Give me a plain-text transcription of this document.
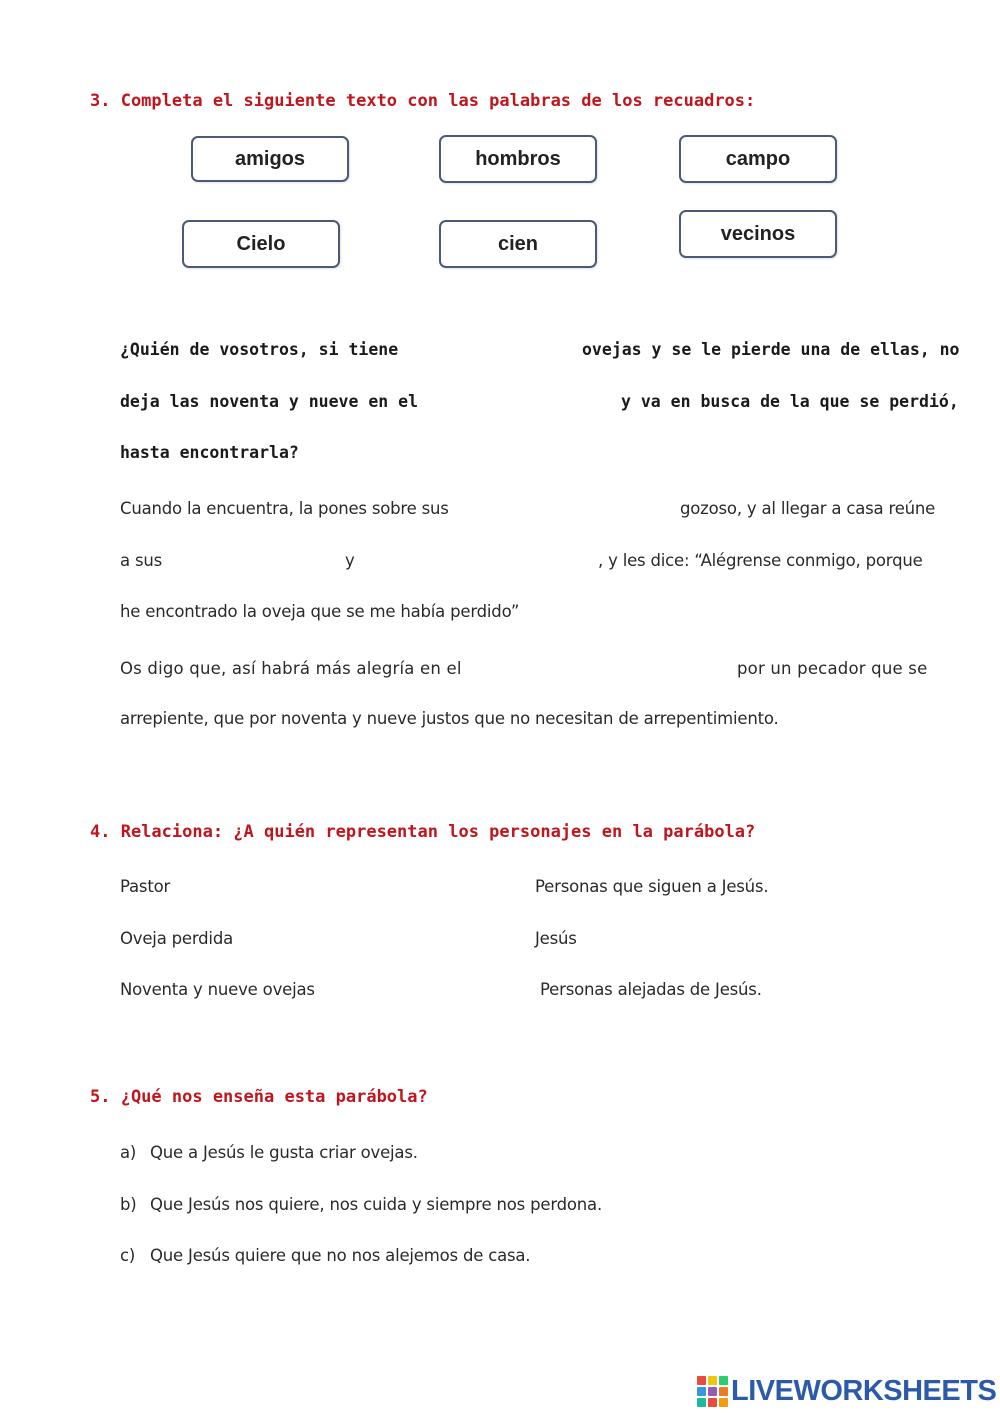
3. Completa el siguiente texto con las palabras de los recuadros:
amigos	hombros	campo
Cielo	cien	vecinos
¿Quién de vosotros, si tiene	ovejas y se le pierde una de ellas, no
deja las noventa y nueve en el	y va en busca de la que se perdió,
hasta encontrarla?
Cuando la encuentra, la pones sobre sus	gozoso, y al llegar a casa reúne
a sus	y	, y les dice: “Alégrense conmigo, porque
he encontrado la oveja que se me había perdido”
Os digo que, así habrá más alegría en el	por un pecador que se
arrepiente, que por noventa y nueve justos que no necesitan de arrepentimiento.
4. Relaciona: ¿A quién representan los personajes en la parábola?
Pastor	Personas que siguen a Jesús.
Oveja perdida	Jesús
Noventa y nueve ovejas	Personas alejadas de Jesús.
5. ¿Qué nos enseña esta parábola?
a) Que a Jesús le gusta criar ovejas.
b) Que Jesús nos quiere, nos cuida y siempre nos perdona.
c) Que Jesús quiere que no nos alejemos de casa.
LIVEWORKSHEETS
